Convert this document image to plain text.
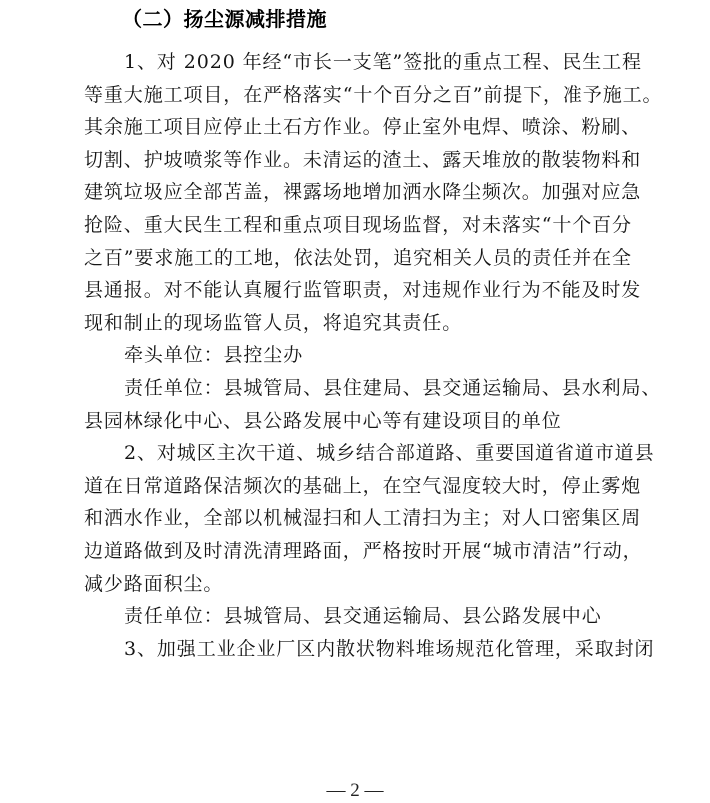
（二）扬尘源减排措施
1、对 2020 年经“市长一支笔”签批的重点工程、民生工程
等重大施工项目，在严格落实“十个百分之百”前提下，准予施工。
其余施工项目应停止土石方作业。停止室外电焊、喷涂、粉刷、
切割、护坡喷浆等作业。未清运的渣土、露天堆放的散装物料和
建筑垃圾应全部苫盖，裸露场地增加洒水降尘频次。加强对应急
抢险、重大民生工程和重点项目现场监督，对未落实“十个百分
之百”要求施工的工地，依法处罚，追究相关人员的责任并在全
县通报。对不能认真履行监管职责，对违规作业行为不能及时发
现和制止的现场监管人员，将追究其责任。
牵头单位：县控尘办
责任单位：县城管局、县住建局、县交通运输局、县水利局、
县园林绿化中心、县公路发展中心等有建设项目的单位
2、对城区主次干道、城乡结合部道路、重要国道省道市道县
道在日常道路保洁频次的基础上，在空气湿度较大时，停止雾炮
和洒水作业，全部以机械湿扫和人工清扫为主；对人口密集区周
边道路做到及时清洗清理路面，严格按时开展“城市清洁”行动，
减少路面积尘。
责任单位：县城管局、县交通运输局、县公路发展中心
3、加强工业企业厂区内散状物料堆场规范化管理，采取封闭
— 2 —
